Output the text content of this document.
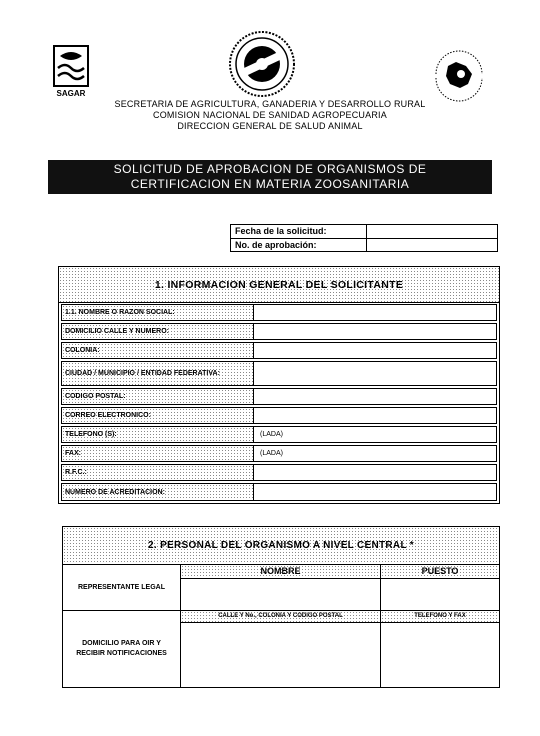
SAGAR
SECRETARIA DE AGRICULTURA, GANADERIA Y DESARROLLO RURAL
COMISION NACIONAL DE SANIDAD AGROPECUARIA
DIRECCION GENERAL DE SALUD ANIMAL
SOLICITUD DE APROBACION DE ORGANISMOS DE
CERTIFICACION EN MATERIA ZOOSANITARIA
Fecha de la solicitud:
No. de aprobación:
1. INFORMACION GENERAL DEL SOLICITANTE
1.1. NOMBRE O RAZON SOCIAL:
DOMICILIO CALLE Y NUMERO:
COLONIA:
CIUDAD / MUNICIPIO / ENTIDAD FEDERATIVA:
CODIGO POSTAL:
CORREO ELECTRONICO:
TELEFONO (S):	(LADA)
FAX:	(LADA)
R.F.C.:
NUMERO DE ACREDITACION:
2. PERSONAL DEL ORGANISMO A NIVEL CENTRAL *
NOMBRE	PUESTO
REPRESENTANTE LEGAL
CALLE Y No., COLONIA Y CODIGO POSTAL	TELEFONO Y FAX
DOMICILIO PARA OIR Y RECIBIR NOTIFICACIONES
